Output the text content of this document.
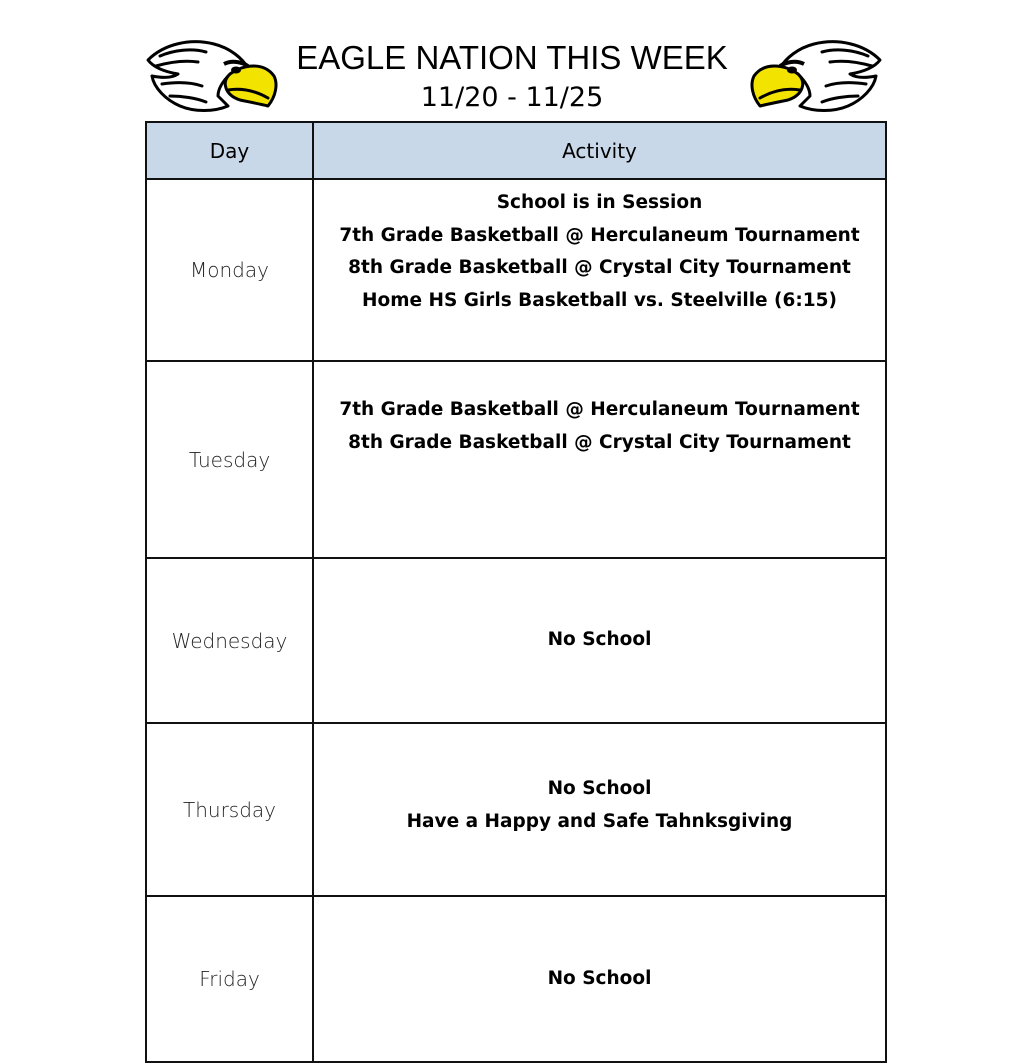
EAGLE NATION THIS WEEK
11/20 - 11/25
Day	Activity
Monday	School is in Session
7th Grade Basketball @ Herculaneum Tournament
8th Grade Basketball @ Crystal City Tournament
Home HS Girls Basketball vs. Steelville (6:15)

Tuesday	7th Grade Basketball @ Herculaneum Tournament
8th Grade Basketball @ Crystal City Tournament

Wednesday	No School

Thursday	No School
Have a Happy and Safe Tahnksgiving

Friday	No School
